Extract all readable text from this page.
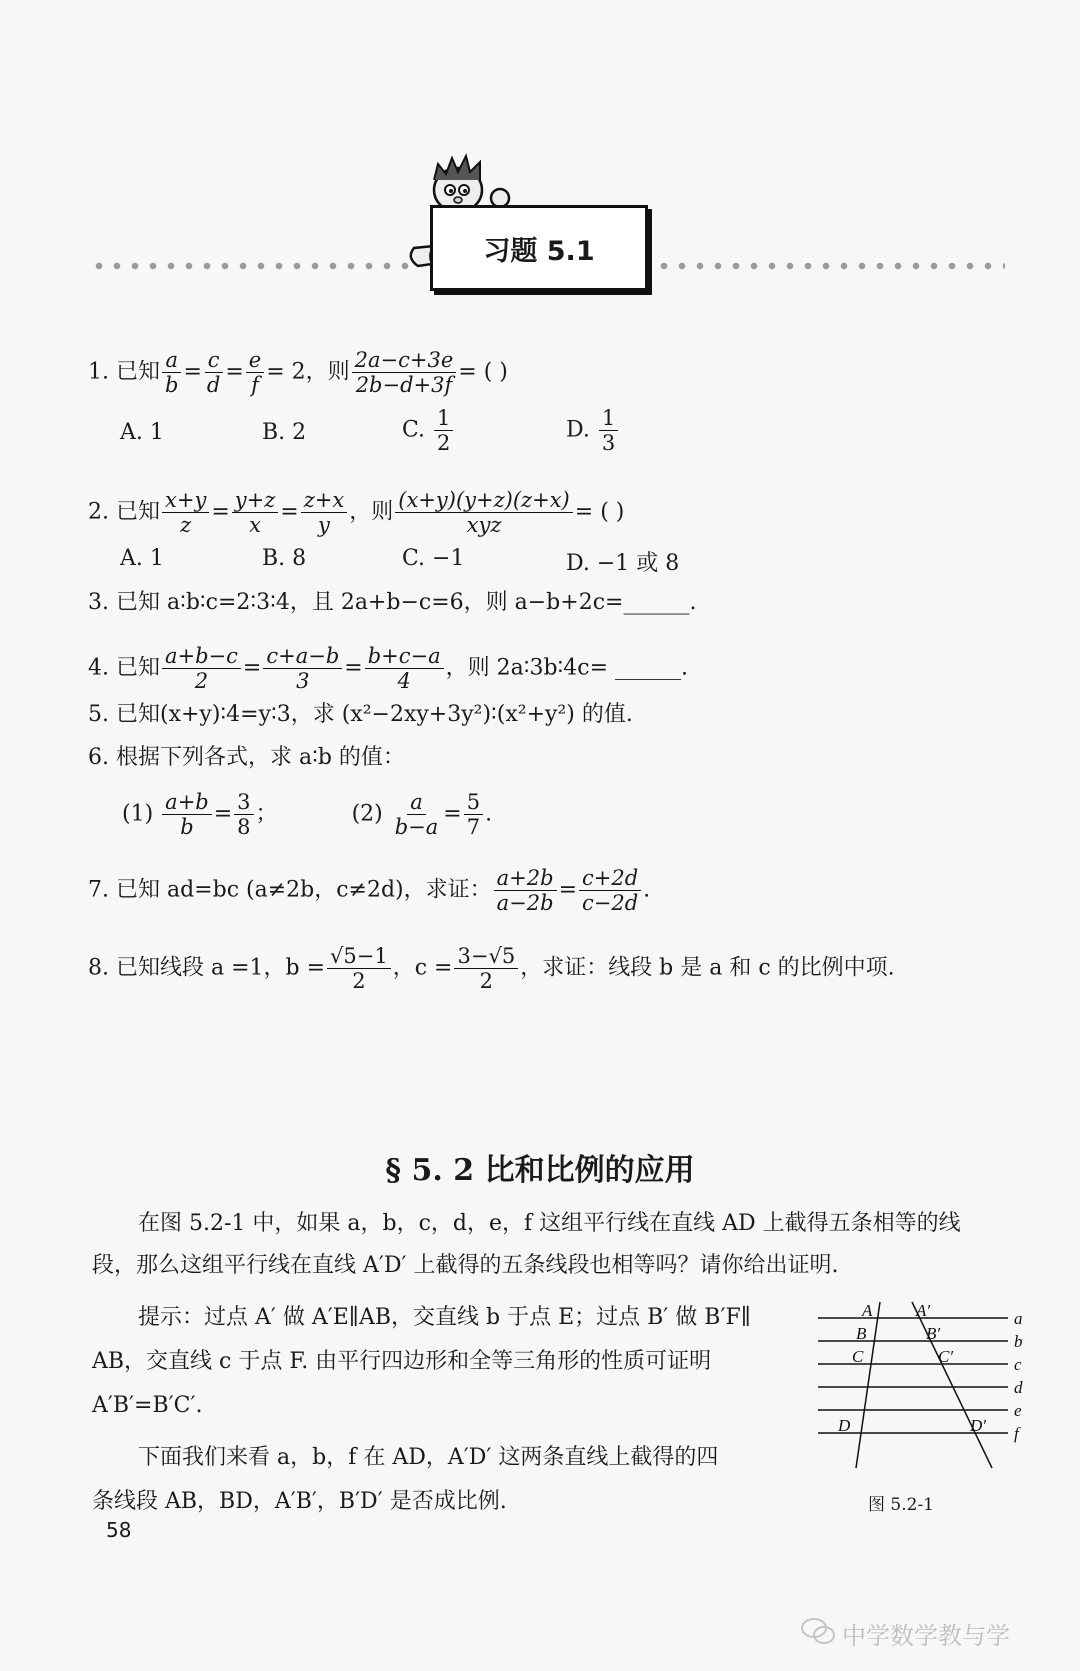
习题 5.1
1. 已知 $\frac{a}{b} = \frac{c}{d} = \frac{e}{f} = 2$，则 $\frac{2a-c+3e}{2b-d+3f}$ = ( )
A. 1	B. 2	C. $\frac{1}{2}$	D. $\frac{1}{3}$
2. 已知 $\frac{x+y}{z} = \frac{y+z}{x} = \frac{z+x}{y}$ ，则 $\frac{(x+y)(y+z)(z+x)}{\text{xyz}}$ = ( )
A. 1	B. 8	C. −1	D. −1 或 8
3. 已知 a∶b∶c=2∶3∶4，且 2a+b−c=6，则 a−b+2c=______.
4. 已知 $\frac{a+b-c}{2} = \frac{c+a-b}{3} = \frac{b+c-a}{4}$ ，则 2a∶3b∶4c= ______.
5. 已知(x+y)∶4=y∶3，求 (x²−2xy+3y²)∶(x²+y²) 的值.
6. 根据下列各式，求 a∶b 的值：
$(1) \frac{a+b}{b} = \frac{3}{8}$ ；	$(2) \frac{a}{b-a} = \frac{5}{7}$ .
7. 已知 ad=bc (a≠2b，c≠2d)，求证： $\frac{a+2b}{a-2b} = \frac{c+2d}{c-2d}$ .
8. 已知线段 a =1，$b = \frac{√5-1}{2}$ ，$c = \frac{3-√5}{2}$ ，求证：线段 b 是 a 和 c 的比例中项.
§ 5. 2 比和比例的应用
在图 5.2-1 中，如果 a，b，c，d，e，f 这组平行线在直线 AD 上截得五条相等的线
段，那么这组平行线在直线 A′D′ 上截得的五条线段也相等吗？请你给出证明.
提示：过点 A′ 做 A′E∥AB，交直线 b 于点 E；过点 B′ 做 B′F∥
AB，交直线 c 于点 F. 由平行四边形和全等三角形的性质可证明
A′B′=B′C′.
下面我们来看 a，b，f 在 AD，A′D′ 这两条直线上截得的四
条线段 AB，BD，A′B′，B′D′ 是否成比例.
a
b
c
d
e
f
A
B
C
D
A′
B′
C′
D′
图 5.2-1
58
中学数学教与学
